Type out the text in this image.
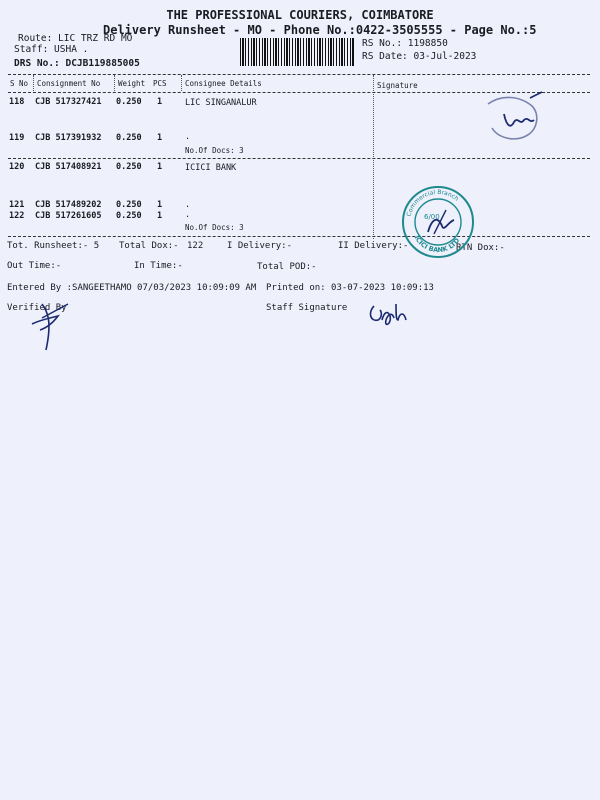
THE PROFESSIONAL COURIERS, COIMBATORE
Delivery Runsheet - MO - Phone No.:0422-3505555 - Page No.:5
Route: LIC TRZ RD MO
Staff: USHA .
DRS No.: DCJB119885005
RS No.: 1198850
RS Date: 03-Jul-2023
S No Consignment No Weight PCS Consignee Details	Signature
118 CJB 517327421 0.250 1	LIC SINGANALUR
119 CJB 517391932 0.250 1	.
No.Of Docs: 3
120 CJB 517408921 0.250 1	ICICI BANK
121 CJB 517489202 0.250 1	.
122 CJB 517261605 0.250 1	.
No.Of Docs: 3
Tot. Runsheet:- 5 Total Dox:- 122	I Delivery:-	II Delivery:-	RTN Dox:-
Out Time:-	In Time:-	Total POD:-
Entered By :SANGEETHAMO 07/03/2023 10:09:09 AM Printed on: 03-07-2023 10:09:13
Verified By	Staff Signature
Commercial Branch
ICICI BANK LTD
6/00
